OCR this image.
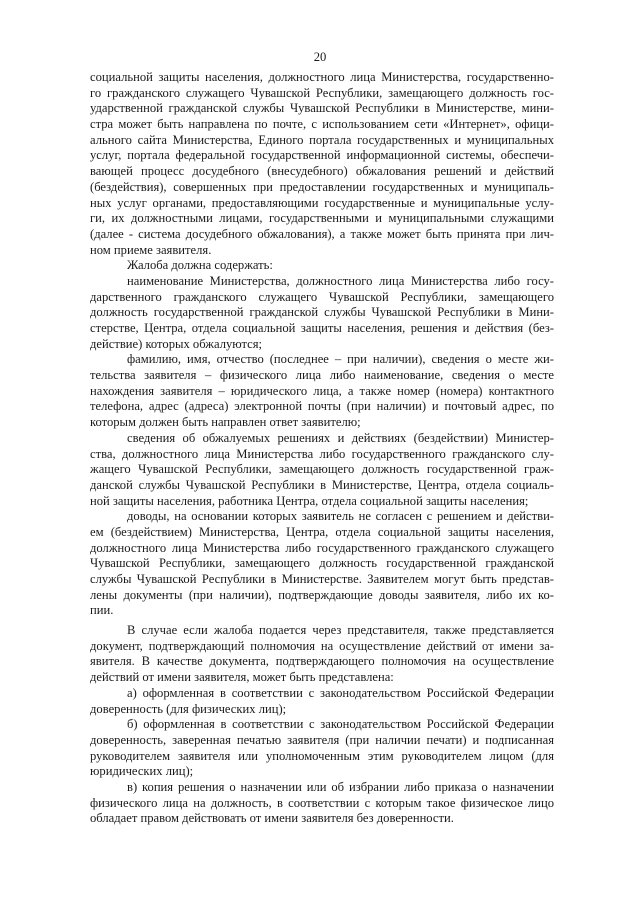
20
социальной защиты населения, должностного лица Министерства, государственно-
го гражданского служащего Чувашской Республики, замещающего должность гос-
ударственной гражданской службы Чувашской Республики в Министерстве, мини-
стра может быть направлена по почте, с использованием сети «Интернет», офици-
ального сайта Министерства, Единого портала государственных и муниципальных
услуг, портала федеральной государственной информационной системы, обеспечи-
вающей процесс досудебного (внесудебного) обжалования решений и действий
(бездействия), совершенных при предоставлении государственных и муниципаль-
ных услуг органами, предоставляющими государственные и муниципальные услу-
ги, их должностными лицами, государственными и муниципальными служащими
(далее - система досудебного обжалования), а также может быть принята при лич-
ном приеме заявителя.
Жалоба должна содержать:
наименование Министерства, должностного лица Министерства либо госу-
дарственного гражданского служащего Чувашской Республики, замещающего
должность государственной гражданской службы Чувашской Республики в Мини-
стерстве, Центра, отдела социальной защиты населения, решения и действия (без-
действие) которых обжалуются;
фамилию, имя, отчество (последнее – при наличии), сведения о месте жи-
тельства заявителя – физического лица либо наименование, сведения о месте
нахождения заявителя – юридического лица, а также номер (номера) контактного
телефона, адрес (адреса) электронной почты (при наличии) и почтовый адрес, по
которым должен быть направлен ответ заявителю;
сведения об обжалуемых решениях и действиях (бездействии) Министер-
ства, должностного лица Министерства либо государственного гражданского слу-
жащего Чувашской Республики, замещающего должность государственной граж-
данской службы Чувашской Республики в Министерстве, Центра, отдела социаль-
ной защиты населения, работника Центра, отдела социальной защиты населения;
доводы, на основании которых заявитель не согласен с решением и действи-
ем (бездействием) Министерства, Центра, отдела социальной защиты населения,
должностного лица Министерства либо государственного гражданского служащего
Чувашской Республики, замещающего должность государственной гражданской
службы Чувашской Республики в Министерстве. Заявителем могут быть представ-
лены документы (при наличии), подтверждающие доводы заявителя, либо их ко-
пии.
В случае если жалоба подается через представителя, также представляется
документ, подтверждающий полномочия на осуществление действий от имени за-
явителя. В качестве документа, подтверждающего полномочия на осуществление
действий от имени заявителя, может быть представлена:
а) оформленная в соответствии с законодательством Российской Федерации
доверенность (для физических лиц);
б) оформленная в соответствии с законодательством Российской Федерации
доверенность, заверенная печатью заявителя (при наличии печати) и подписанная
руководителем заявителя или уполномоченным этим руководителем лицом (для
юридических лиц);
в) копия решения о назначении или об избрании либо приказа о назначении
физического лица на должность, в соответствии с которым такое физическое лицо
обладает правом действовать от имени заявителя без доверенности.
